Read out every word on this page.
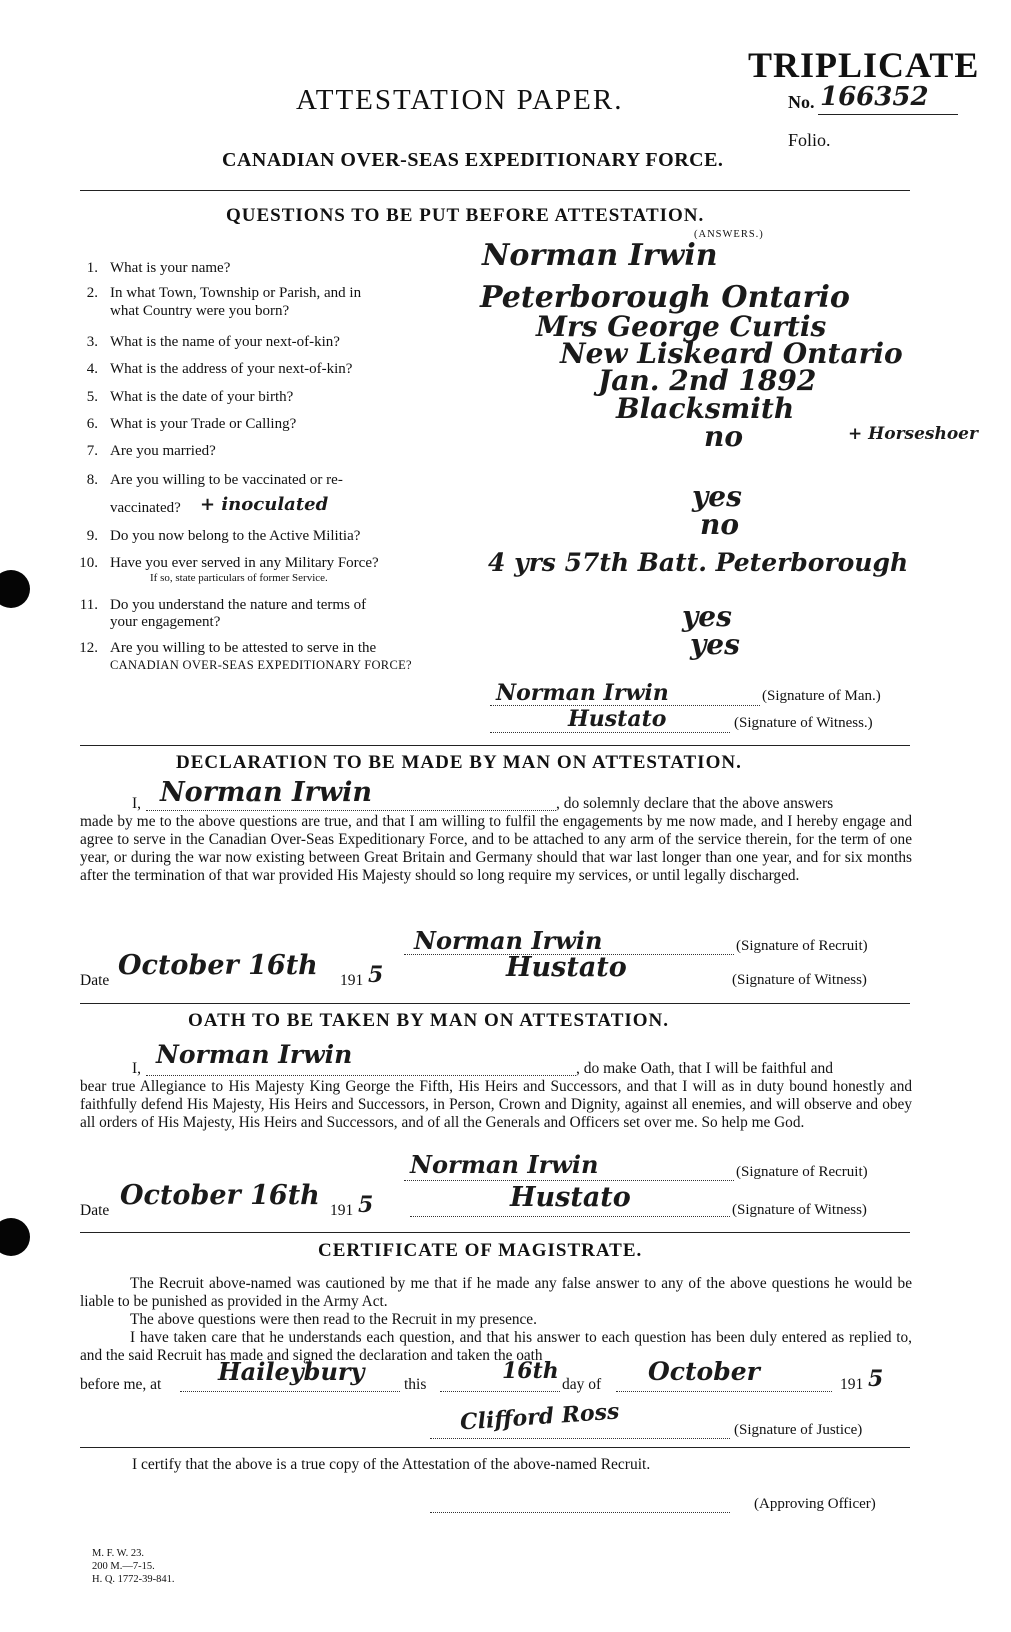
TRIPLICATE
ATTESTATION PAPER.	No. 166352
Folio.
CANADIAN OVER-SEAS EXPEDITIONARY FORCE.
QUESTIONS TO BE PUT BEFORE ATTESTATION.
(ANSWERS.)
1. What is your name?	Norman Irwin
2. In what Town, Township or Parish, and in
what Country were you born?	Peterborough Ontario
3. What is the name of your next-of-kin?	Mrs George Curtis
4. What is the address of your next-of-kin?	New Liskeard Ontario
5. What is the date of your birth?	Jan. 2nd 1892
6. What is your Trade or Calling?	Blacksmith
+ Horseshoer
7. Are you married?	no
8. Are you willing to be vaccinated or re-
vaccinated? + inoculated	yes
9. Do you now belong to the Active Militia?	no
10. Have you ever served in any Military Force?
If so, state particulars of former Service.
4 yrs 57th Batt. Peterborough
11. Do you understand the nature and terms of
your engagement?	yes
12. Are you willing to be attested to serve in the
CANADIAN OVER-SEAS EXPEDITIONARY FORCE?
yes
Norman Irwin	(Signature of Man.)
Hustato	(Signature of Witness.)
DECLARATION TO BE MADE BY MAN ON ATTESTATION.
I, Norman Irwin	, do solemnly declare that the above answers
made by me to the above questions are true, and that I am willing to fulfil the engagements by me now made, and I hereby engage and agree to serve in the Canadian Over-Seas Expeditionary Force, and to be attached to any arm of the service therein, for the term of one year, or during the war now existing between Great Britain and Germany should that war last longer than one year, and for six months after the termination of that war provided His Majesty should so long require my services, or until legally discharged.
Norman Irwin	(Signature of Recruit)
Date October 16th 191 5	Hustato	(Signature of Witness)
OATH TO BE TAKEN BY MAN ON ATTESTATION.
I, Norman Irwin	, do make Oath, that I will be faithful and
bear true Allegiance to His Majesty King George the Fifth, His Heirs and Successors, and that I will as in duty bound honestly and faithfully defend His Majesty, His Heirs and Successors, in Person, Crown and Dignity, against all enemies, and will observe and obey all orders of His Majesty, His Heirs and Successors, and of all the Generals and Officers set over me. So help me God.
Norman Irwin	(Signature of Recruit)
Date October 16th 191 5	Hustato	(Signature of Witness)
CERTIFICATE OF MAGISTRATE.
The Recruit above-named was cautioned by me that if he made any false answer to any of the above questions he would be liable to be punished as provided in the Army Act.
The above questions were then read to the Recruit in my presence.
I have taken care that he understands each question, and that his answer to each question has been duly entered as replied to, and the said Recruit has made and signed the declaration and taken the oath
before me, at Haileybury	this
16th
day of October	191 5
Clifford Ross	(Signature of Justice)
I certify that the above is a true copy of the Attestation of the above-named Recruit.
(Approving Officer)
M. F. W. 23.
200 M.—7-15.
H. Q. 1772-39-841.
